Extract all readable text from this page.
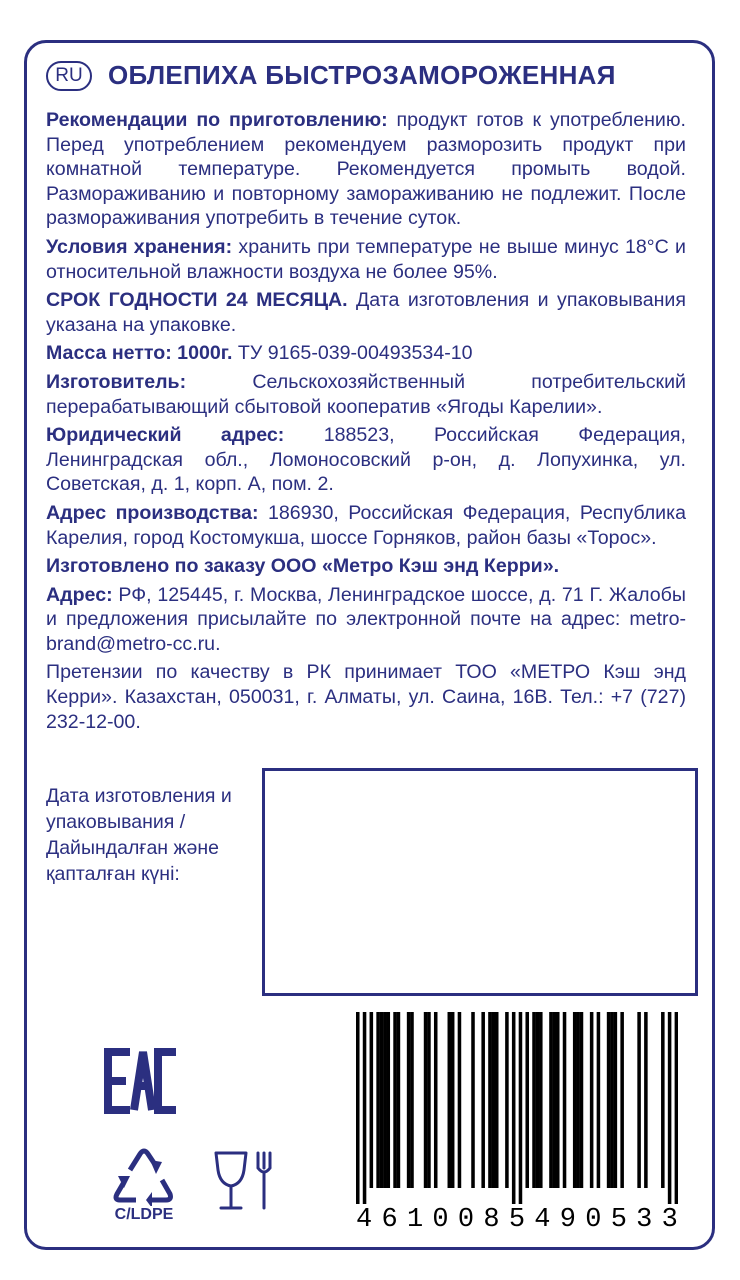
RU ОБЛЕПИХА БЫСТРОЗАМОРОЖЕННАЯ

Рекомендации по приготовлению: продукт готов к употреблению. Перед употреблением рекомендуем разморозить продукт при комнатной температуре. Рекомендуется промыть водой. Размораживанию и повторному замораживанию не подлежит. После размораживания употребить в течение суток.

Условия хранения: хранить при температуре не выше минус 18°C и относительной влажности воздуха не более 95%.

СРОК ГОДНОСТИ 24 МЕСЯЦА. Дата изготовления и упаковывания указана на упаковке.

Масса нетто: 1000г. ТУ 9165-039-00493534-10

Изготовитель: Сельскохозяйственный потребительский перерабатывающий сбытовой кооператив «Ягоды Карелии».

Юридический адрес: 188523, Российская Федерация, Ленинградская обл., Ломоносовский р-он, д. Лопухинка, ул. Советская, д. 1, корп. А, пом. 2.

Адрес производства: 186930, Российская Федерация, Республика Карелия, город Костомукша, шоссе Горняков, район базы «Торос».

Изготовлено по заказу ООО «Метро Кэш энд Керри».

Адрес: РФ, 125445, г. Москва, Ленинградское шоссе, д. 71 Г. Жалобы и предложения присылайте по электронной почте на адрес: metro-brand@metro-cc.ru.

Претензии по качеству в РК принимает ТОО «МЕТРО Кэш энд Керри». Казахстан, 050031, г. Алматы, ул. Саина, 16В. Тел.: +7 (727) 232-12-00.

Дата изготовления и упаковывания / Дайындалған және қапталған күні:
C/LDPE	4 6 1 0 0 8 5 4 9 0 5 3 3
